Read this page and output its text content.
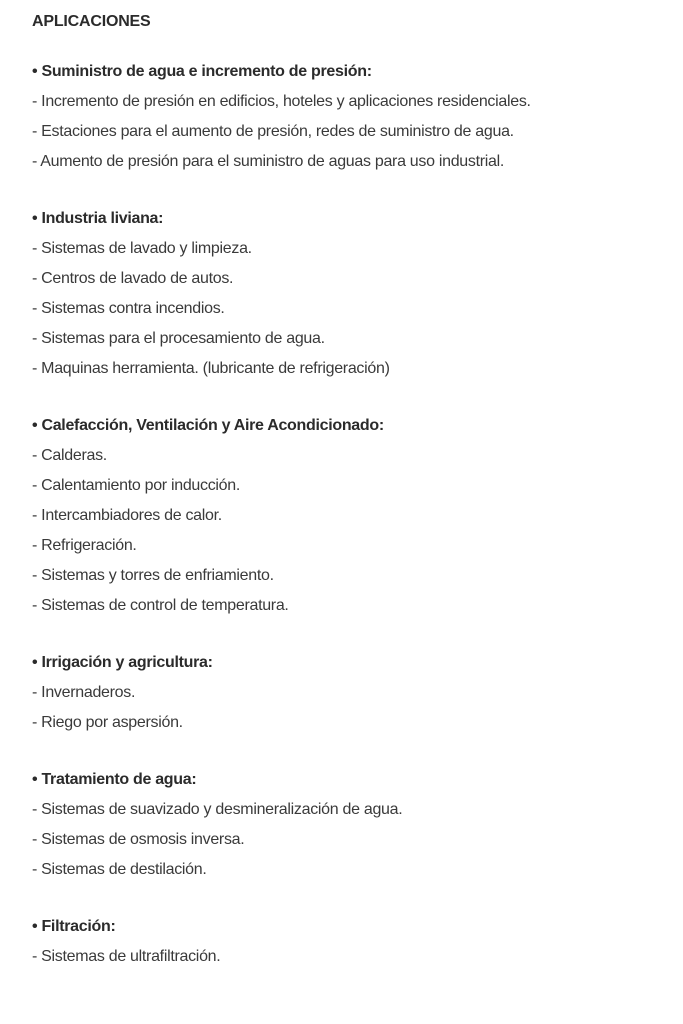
APLICACIONES
• Suministro de agua e incremento de presión:
- Incremento de presión en edificios, hoteles y aplicaciones residenciales.
- Estaciones para el aumento de presión, redes de suministro de agua.
- Aumento de presión para el suministro de aguas para uso industrial.
• Industria liviana:
- Sistemas de lavado y limpieza.
- Centros de lavado de autos.
- Sistemas contra incendios.
- Sistemas para el procesamiento de agua.
- Maquinas herramienta. (lubricante de refrigeración)
• Calefacción, Ventilación y Aire Acondicionado:
- Calderas.
- Calentamiento por inducción.
- Intercambiadores de calor.
- Refrigeración.
- Sistemas y torres de enfriamiento.
- Sistemas de control de temperatura.
• Irrigación y agricultura:
- Invernaderos.
- Riego por aspersión.
• Tratamiento de agua:
- Sistemas de suavizado y desmineralización de agua.
- Sistemas de osmosis inversa.
- Sistemas de destilación.
• Filtración:
- Sistemas de ultrafiltración.
